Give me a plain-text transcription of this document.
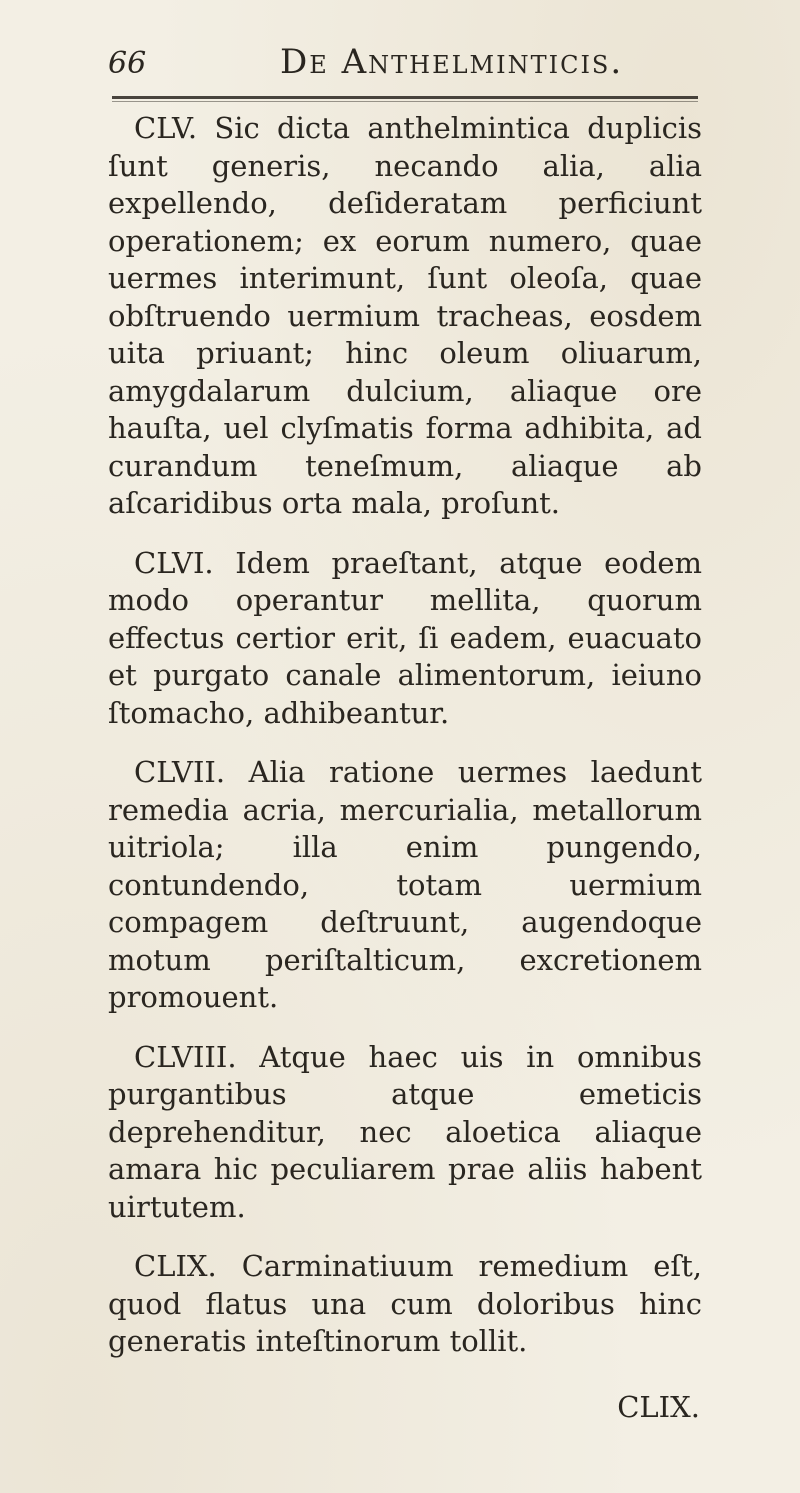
66	De Anthelminticis.

CLV. Sic dicta anthelmintica duplicis ſunt generis, necando alia, alia expellendo, deſideratam perficiunt operationem; ex eorum numero, quae uermes interimunt, ſunt oleoſa, quae obſtruendo uermium tracheas, eosdem uita priuant; hinc oleum oliuarum, amygdalarum dulcium, aliaque ore hauſta, uel clyſmatis forma adhibita, ad curandum teneſmum, aliaque ab aſcaridibus orta mala, proſunt.

CLVI. Idem praeſtant, atque eodem modo operantur mellita, quorum effectus certior erit, ſi eadem, euacuato et purgato canale alimentorum, ieiuno ſtomacho, adhibeantur.

CLVII. Alia ratione uermes laedunt remedia acria, mercurialia, metallorum uitriola; illa enim pungendo, contundendo, totam uermium compagem deſtruunt, augendoque motum periſtalticum, excretionem promouent.

CLVIII. Atque haec uis in omnibus purgantibus atque emeticis deprehenditur, nec aloetica aliaque amara hic peculiarem prae aliis habent uirtutem.

CLIX. Carminatiuum remedium eſt, quod flatus una cum doloribus hinc generatis inteſtinorum tollit.

CLIX.
